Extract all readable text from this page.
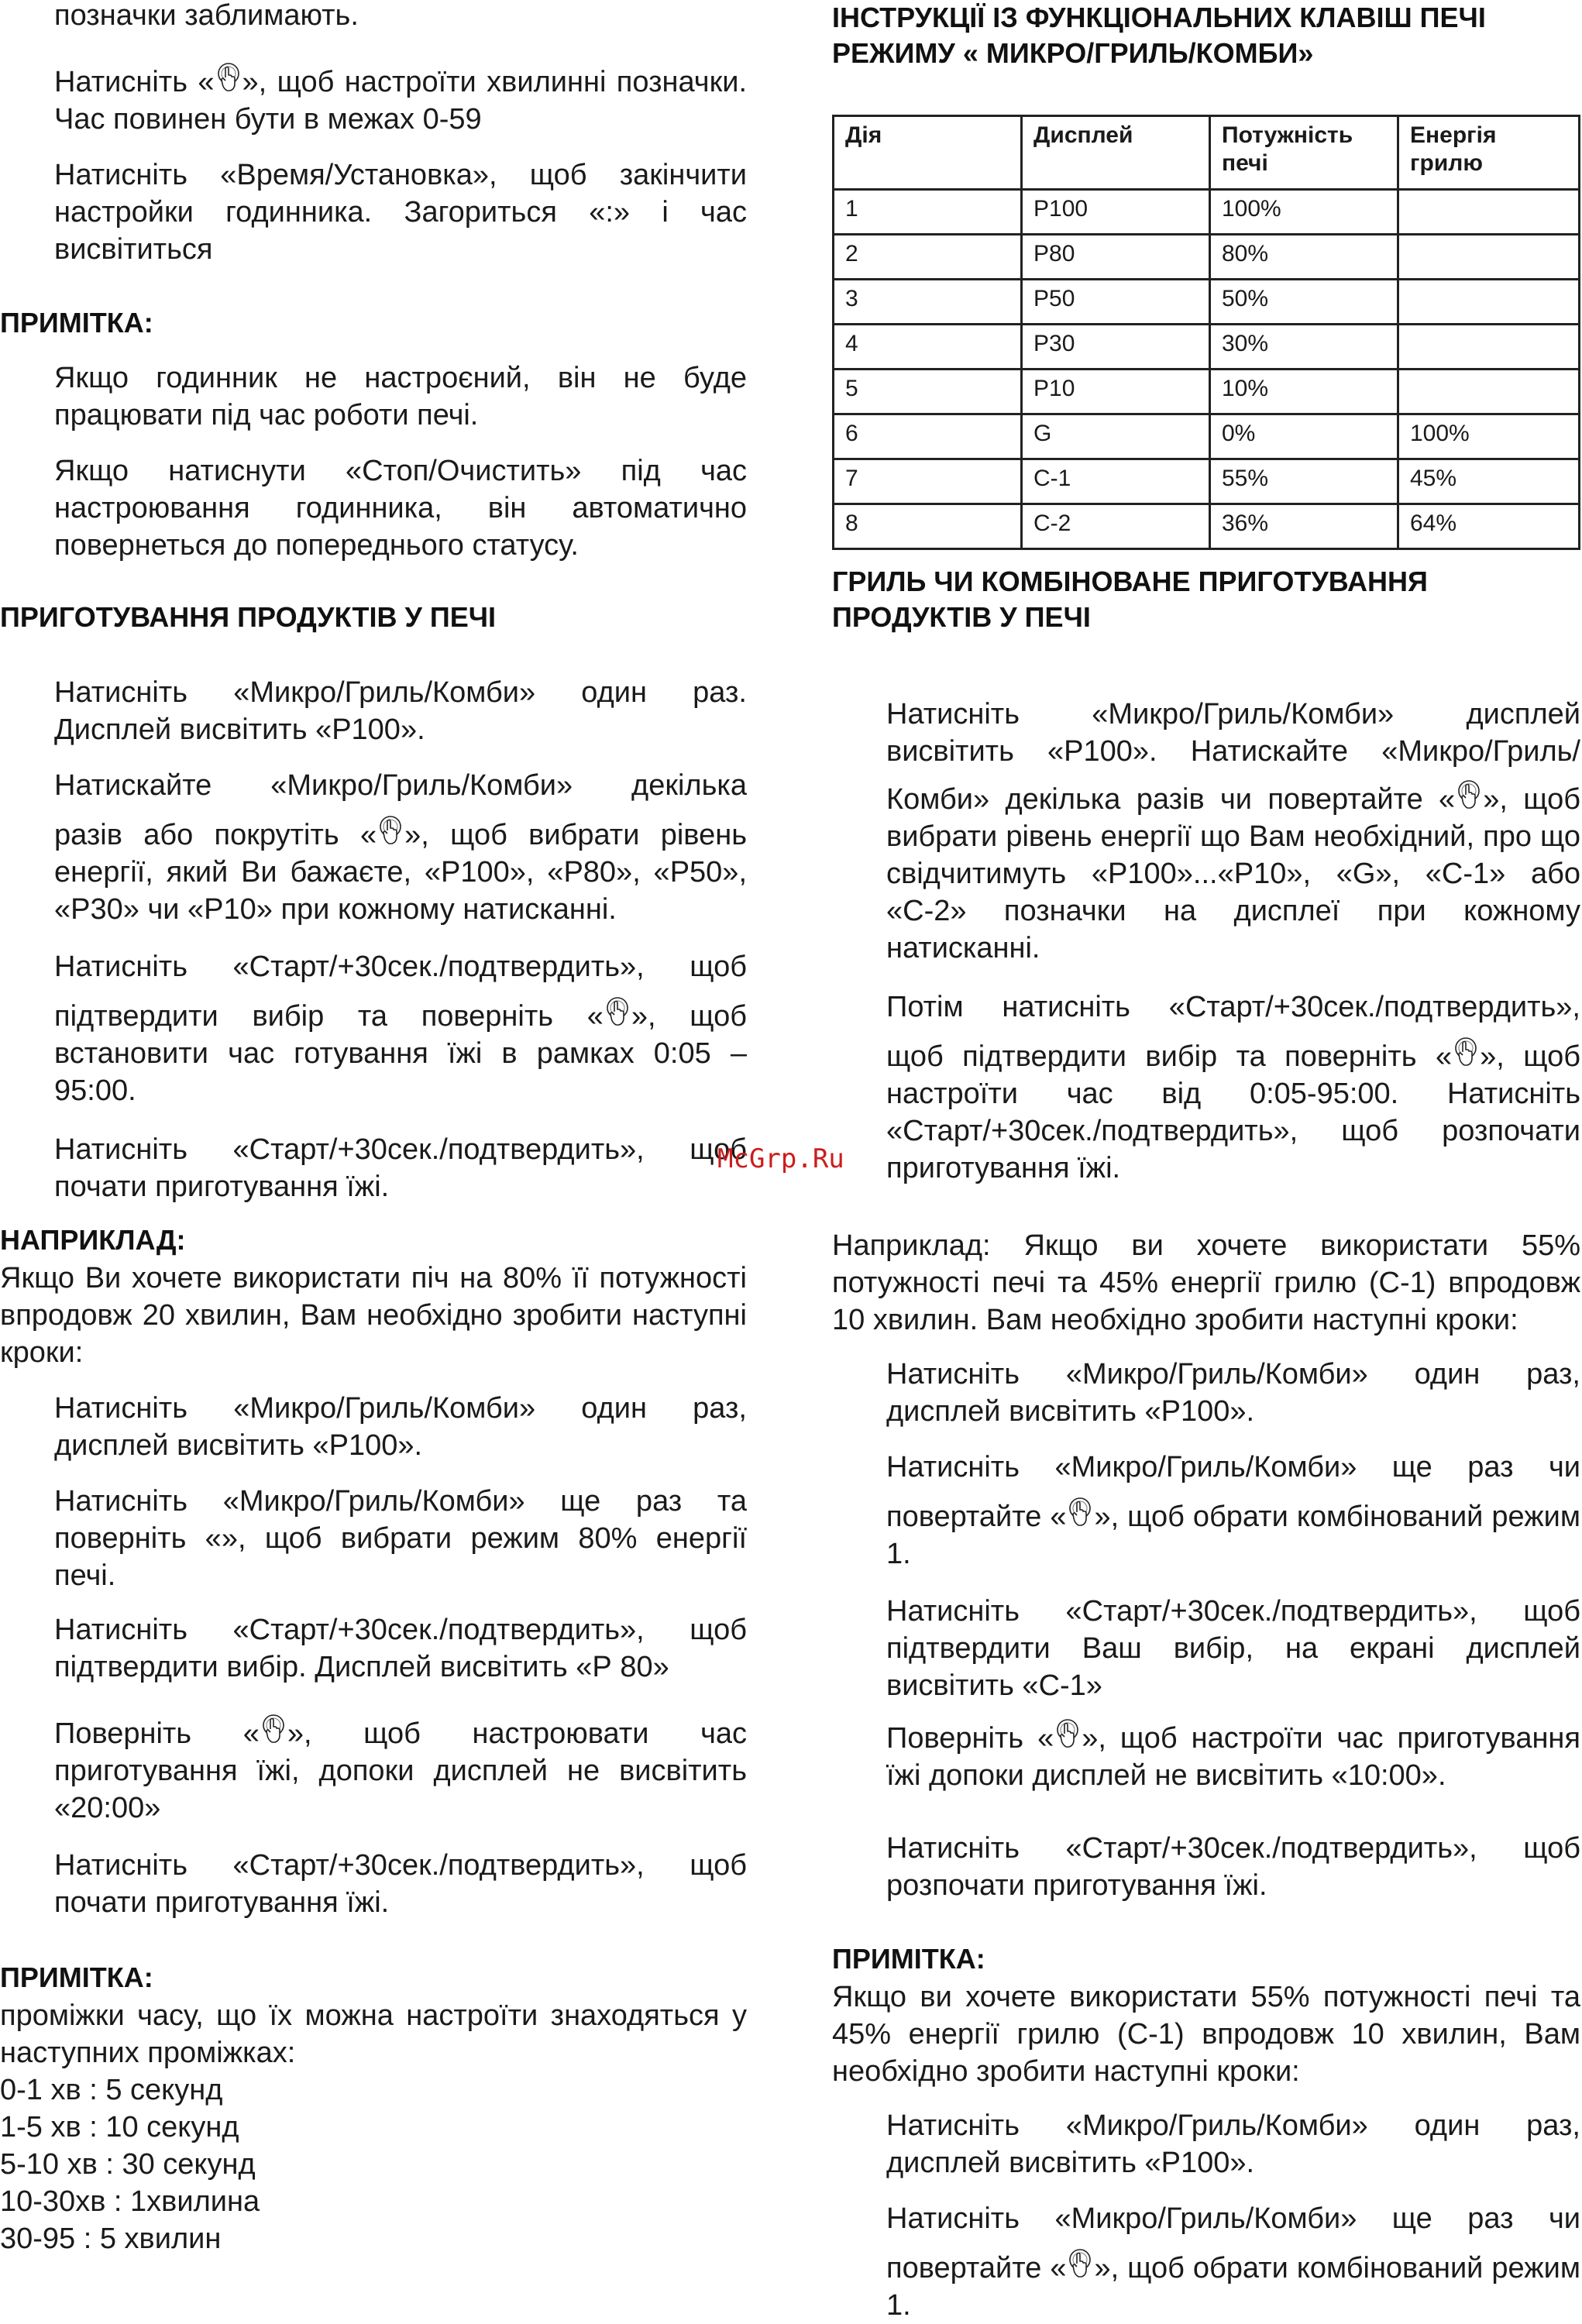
позначки заблимають.

Натисніть « », щоб настроїти хвилинні позначки. Час повинен бути в межах 0-59

Натисніть «Время/Установка», щоб закінчити настройки годинника. Загориться «:» і час висвітиться

ПРИМІТКА:

Якщо годинник не настроєний, він не буде працювати під час роботи печі.

Якщо натиснути «Стоп/Очистить» під час настроювання годинника, він автоматично повернеться до попереднього статусу.

ПРИГОТУВАННЯ ПРОДУКТІВ У ПЕЧІ

Натисніть «Микро/Гриль/Комби» один раз. Дисплей висвітить «Р100».

Натискайте «Микро/Гриль/Комби» декілька

разів або покрутіть « », щоб вибрати рівень енергії, який Ви бажаєте, «Р100», «Р80», «Р50», «Р30» чи «Р10» при кожному натисканні.

Натисніть «Старт/+30сек./подтвердить», щоб

підтвердити вибір та поверніть « », щоб встановити час готування їжі в рамках 0:05 – 95:00.

Натисніть «Старт/+30сек./подтвердить», щоб почати приготування їжі.

НАПРИКЛАД:

Якщо Ви хочете використати піч на 80% її потужності впродовж 20 хвилин, Вам необхідно зробити наступні кроки:

Натисніть «Микро/Гриль/Комби» один раз, дисплей висвітить «Р100».

Натисніть «Микро/Гриль/Комби» ще раз та поверніть «», щоб вибрати режим 80% енергії печі.

Натисніть «Старт/+30сек./подтвердить», щоб підтвердити вибір. Дисплей висвітить «Р 80»

Поверніть « », щоб настроювати час приготування їжі, допоки дисплей не висвітить «20:00»

Натисніть «Старт/+30сек./подтвердить», щоб почати приготування їжі.

ПРИМІТКА:

проміжки часу, що їх можна настроїти знаходяться у наступних проміжках:

0-1 хв : 5 секунд

1-5 хв : 10 секунд

5-10 хв : 30 секунд

10-30хв : 1хвилина

30-95 : 5 хвилин

ІНСТРУКЦІЇ ІЗ ФУНКЦІОНАЛЬНИХ КЛАВІШ ПЕЧІ РЕЖИМУ « МИКРО/ГРИЛЬ/КОМБИ»

Дія	Дисплей	Потужність печі	Енергія грилю
1	P100	100%	
2	P80	80%	
3	P50	50%	
4	P30	30%	
5	P10	10%	
6	G	0%	100%
7	C-1	55%	45%
8	C-2	36%	64%

ГРИЛЬ ЧИ КОМБІНОВАНЕ ПРИГОТУВАННЯ ПРОДУКТІВ У ПЕЧІ

Натисніть «Микро/Гриль/Комби» дисплей висвітить «Р100». Натискайте «Микро/Гриль/

Комби» декілька разів чи повертайте « », щоб вибрати рівень енергії що Вам необхідний, про що свідчитимуть «Р100»...«Р10», «G», «С-1» або «С-2» позначки на дисплеї при кожному натисканні.

Потім натисніть «Старт/+30сек./подтвердить»,

щоб підтвердити вибір та поверніть « », щоб настроїти час від 0:05-95:00. Натисніть «Старт/+30сек./подтвердить», щоб розпочати приготування їжі.

Наприклад: Якщо ви хочете використати 55% потужності печі та 45% енергії грилю (С-1) впродовж 10 хвилин. Вам необхідно зробити наступні кроки:

Натисніть «Микро/Гриль/Комби» один раз, дисплей висвітить «Р100».

Натисніть «Микро/Гриль/Комби» ще раз чи

повертайте « », щоб обрати комбінований режим 1.

Натисніть «Старт/+30сек./подтвердить», щоб підтвердити Ваш вибір, на екрані дисплей висвітить «С-1»

Поверніть « », щоб настроїти час приготування їжі допоки дисплей не висвітить «10:00».

Натисніть «Старт/+30сек./подтвердить», щоб розпочати приготування їжі.

ПРИМІТКА:

Якщо ви хочете використати 55% потужності печі та 45% енергії грилю (С-1) впродовж 10 хвилин, Вам необхідно зробити наступні кроки:

Натисніть «Микро/Гриль/Комби» один раз, дисплей висвітить «Р100».

Натисніть «Микро/Гриль/Комби» ще раз чи

повертайте « », щоб обрати комбінований режим 1.

McGrp.Ru
